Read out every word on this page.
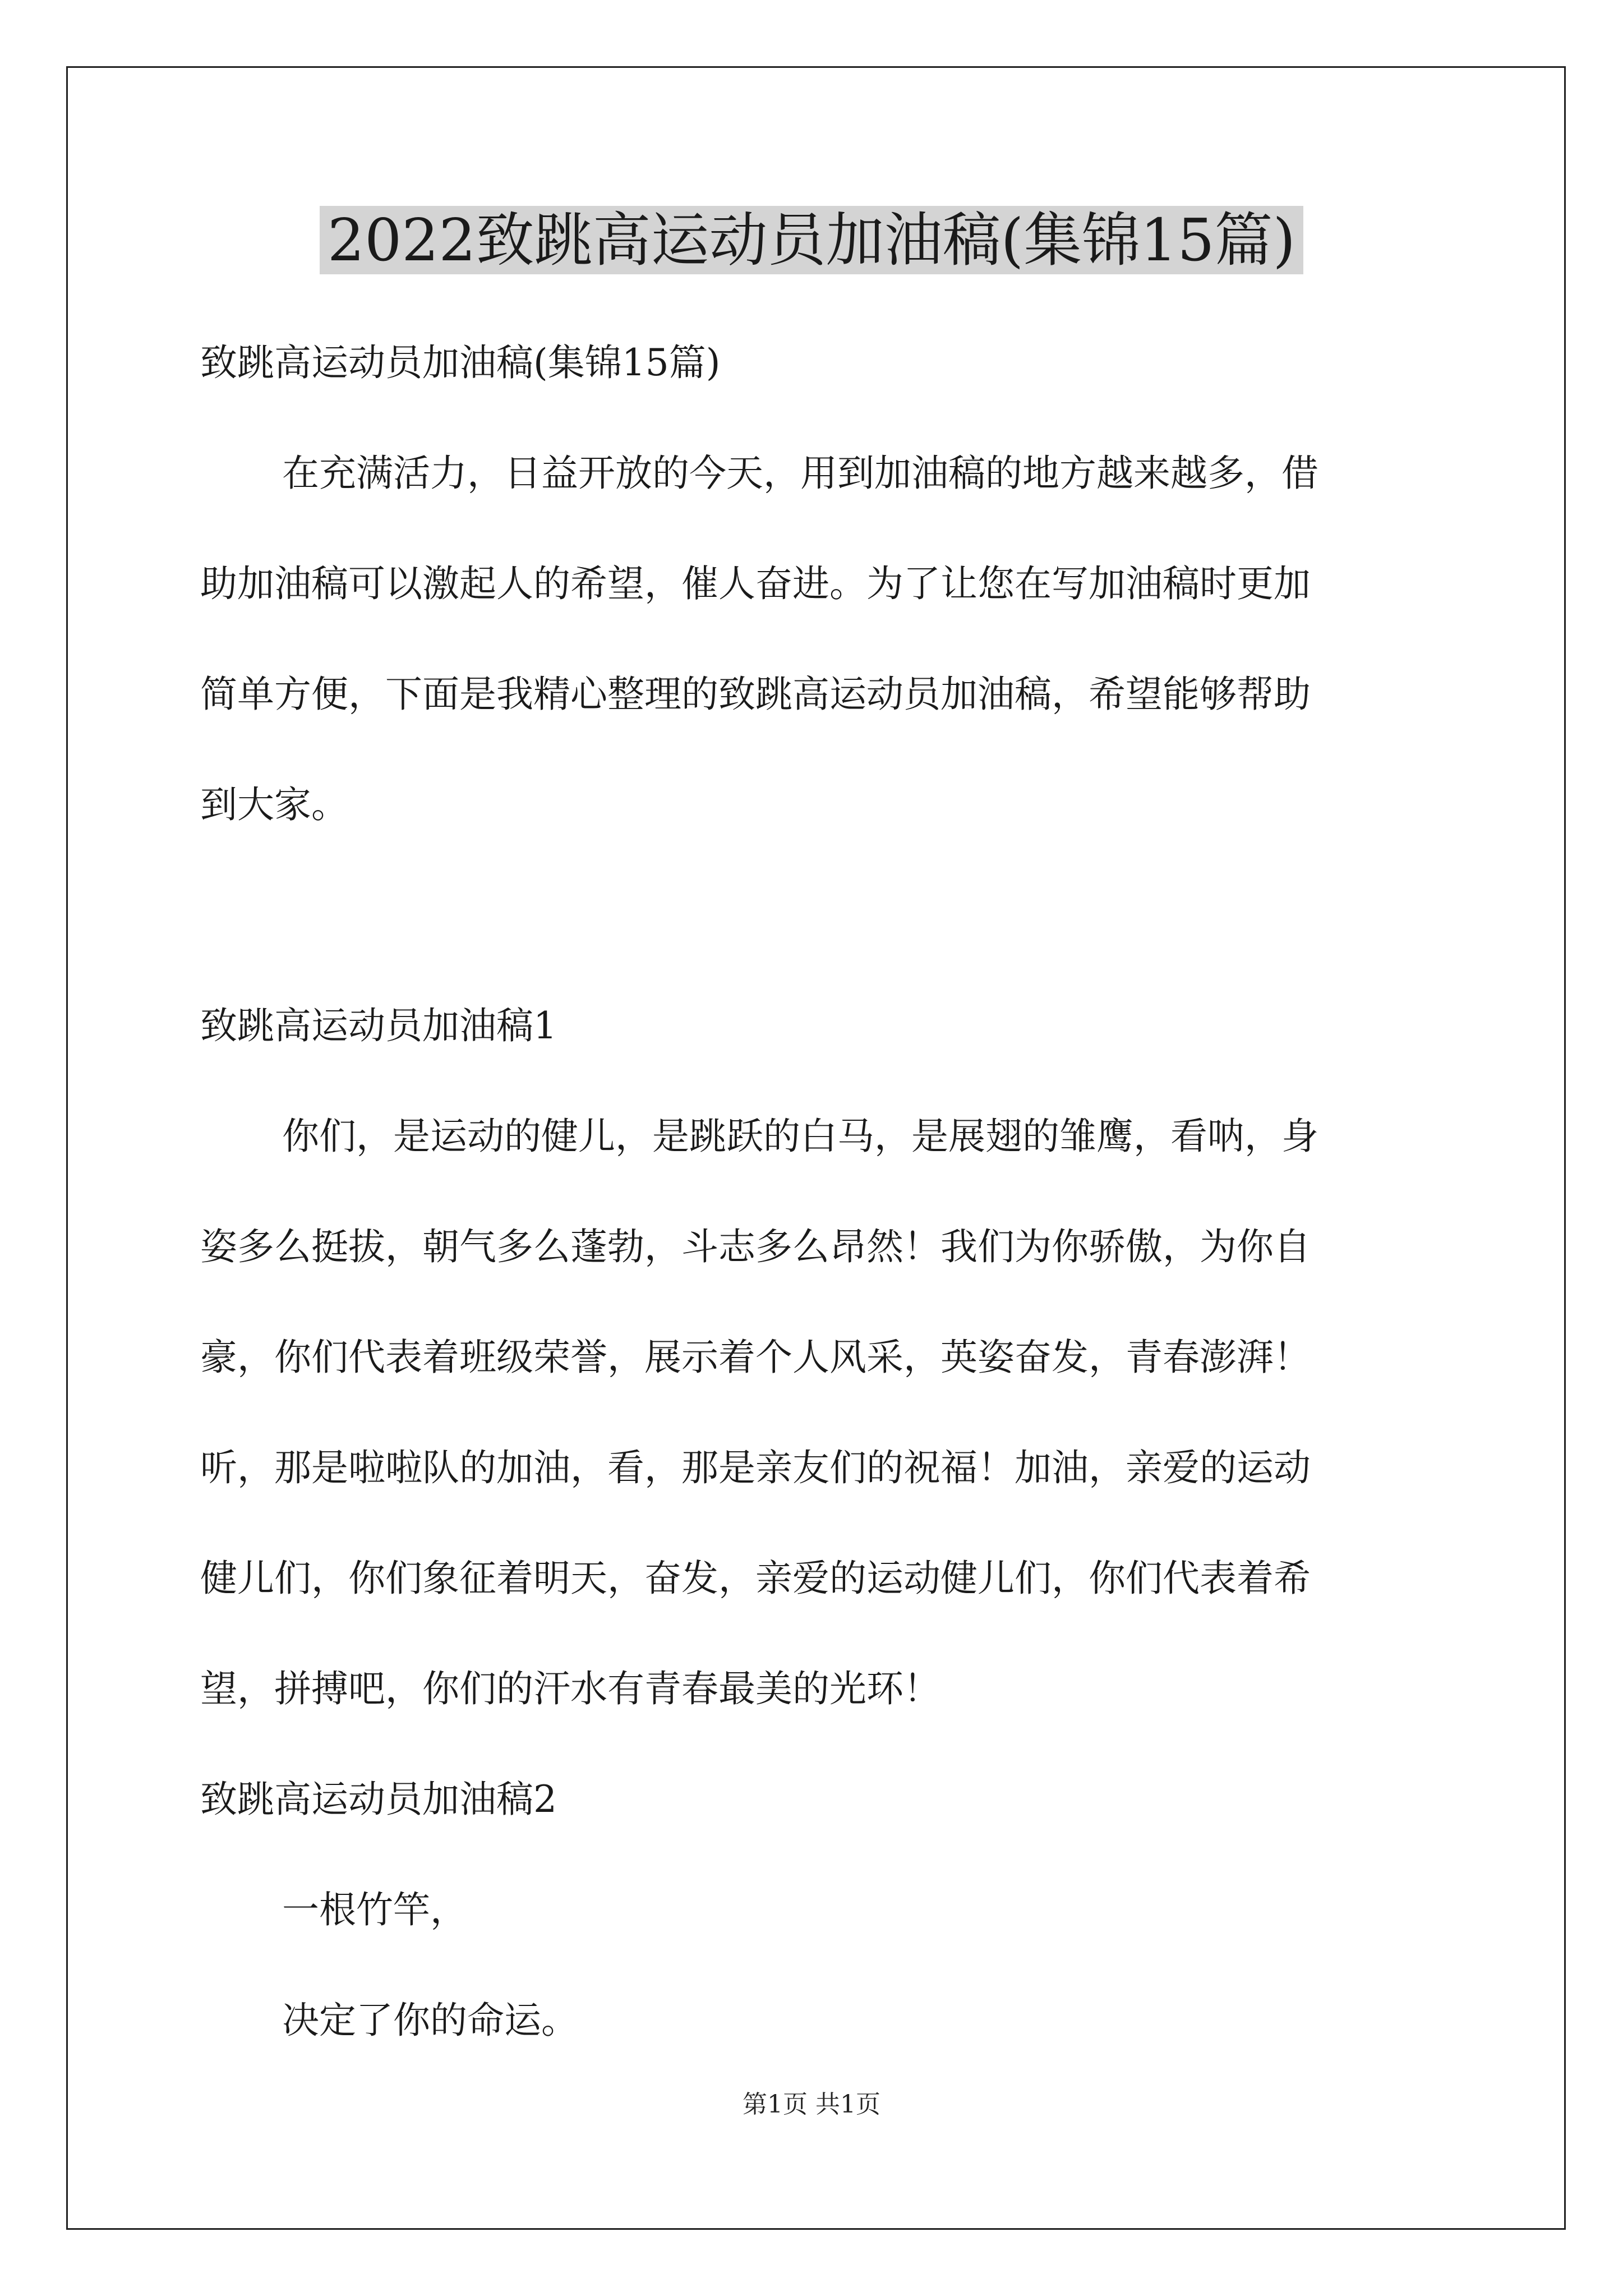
2022致跳高运动员加油稿(集锦15篇)
致跳高运动员加油稿(集锦15篇)
在充满活力，日益开放的今天，用到加油稿的地方越来越多，借
助加油稿可以激起人的希望，催人奋进。为了让您在写加油稿时更加
简单方便，下面是我精心整理的致跳高运动员加油稿，希望能够帮助
到大家。
致跳高运动员加油稿1
你们，是运动的健儿，是跳跃的白马，是展翅的雏鹰，看呐，身
姿多么挺拔，朝气多么蓬勃，斗志多么昂然！我们为你骄傲，为你自
豪，你们代表着班级荣誉，展示着个人风采，英姿奋发，青春澎湃！
听，那是啦啦队的加油，看，那是亲友们的祝福！加油，亲爱的运动
健儿们，你们象征着明天，奋发，亲爱的运动健儿们，你们代表着希
望，拼搏吧，你们的汗水有青春最美的光环！
致跳高运动员加油稿2
一根竹竿，
决定了你的命运。
第1页 共1页
